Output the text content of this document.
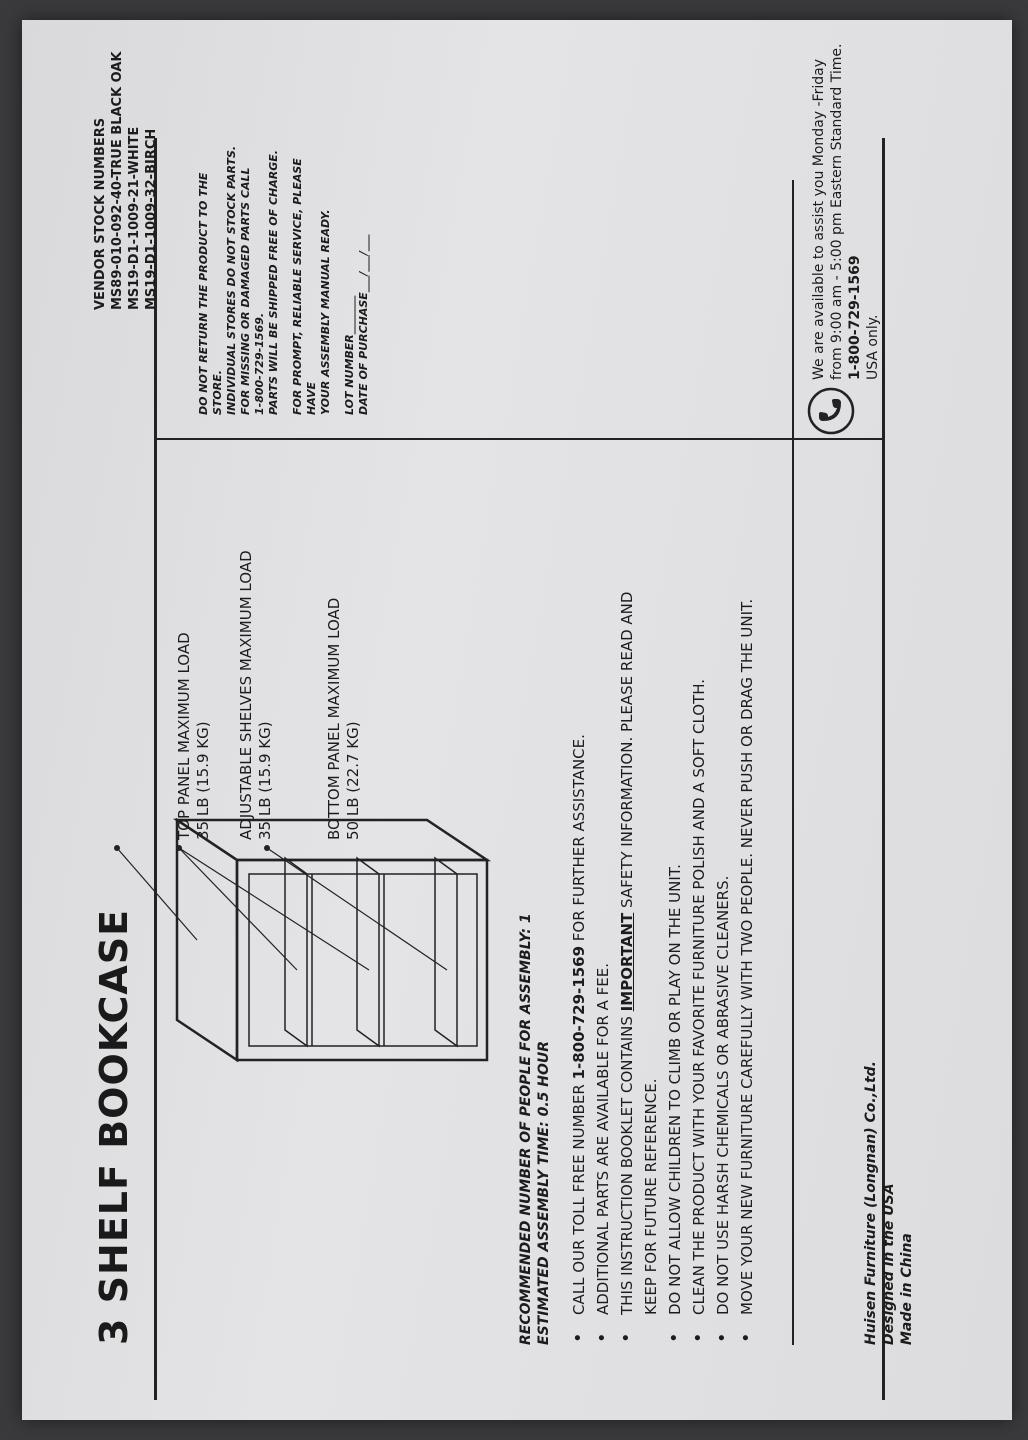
3 SHELF BOOKCASE
VENDOR STOCK NUMBERS MS89-010-092-40-TRUE BLACK OAK MS19-D1-1009-21-WHITE MS19-D1-1009-32-BIRCH	DO NOT RETURN THE PRODUCT TO THE STORE.
INDIVIDUAL STORES DO NOT STOCK PARTS.
FOR MISSING OR DAMAGED PARTS CALL
1-800-729-1569.
PARTS WILL BE SHIPPED FREE OF CHARGE. FOR PROMPT, RELIABLE SERVICE, PLEASE HAVE
YOUR ASSEMBLY MANUAL READY. LOT NUMBER_______
DATE OF PURCHASE___/___/___

TOP PANEL MAXIMUM LOAD 35 LB (15.9 KG) ADJUSTABLE SHELVES MAXIMUM LOAD 35 LB (15.9 KG)	BOTTOM PANEL MAXIMUM LOAD 50 LB (22.7 KG)
RECOMMENDED NUMBER OF PEOPLE FOR ASSEMBLY: 1 ESTIMATED ASSEMBLY TIME: 0.5 HOUR • CALL OUR TOLL FREE NUMBER 1-800-729-1569 FOR FURTHER ASSISTANCE.
• ADDITIONAL PARTS ARE AVAILABLE FOR A FEE. • THIS INSTRUCTION BOOKLET CONTAINS IMPORTANT SAFETY INFORMATION. PLEASE READ AND
KEEP FOR FUTURE REFERENCE. • DO NOT ALLOW CHILDREN TO CLIMB OR PLAY ON THE UNIT. • CLEAN THE PRODUCT WITH YOUR FAVORITE FURNITURE POLISH AND A SOFT CLOTH. • DO NOT USE HARSH CHEMICALS OR ABRASIVE CLEANERS. • MOVE YOUR NEW FURNITURE CAREFULLY WITH TWO PEOPLE. NEVER PUSH OR DRAG THE UNIT.	Huisen Furniture (Longnan) Co.,Ltd. Designed in the USA Made in China
We are available to assist you Monday -Friday from 9:00 am - 5:00 pm Eastern Standard Time. 1-800-729-1569 USA only.
